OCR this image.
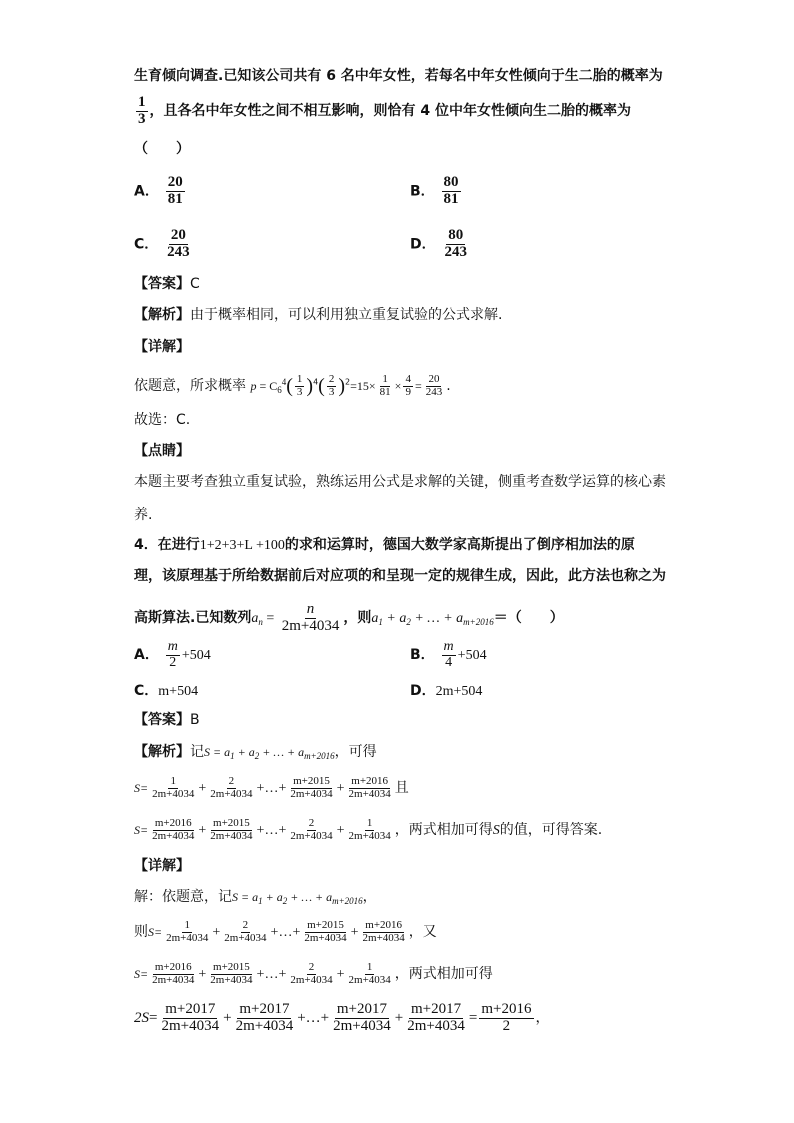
生育倾向调查.已知该公司共有 6 名中年女性，若每名中年女性倾向于生二胎的概率为
$\frac{1}{3}$ ，且各名中年女性之间不相互影响，则恰有 4 位中年女性倾向生二胎的概率为
（　　）
A． $\frac{20}{81}$	B． $\frac{80}{81}$
C． $\frac{20}{243}$	D． $\frac{80}{243}$
【答案】C
【解析】由于概率相同，可以利用独立重复试验的公式求解.
【详解】
依题意，所求概率 $p = C_6^4( \frac{1}{3} )^4( \frac{2}{3} )^2=15\times \frac{1}{81} \times \frac{4}{9} = \frac{20}{243}$ .
故选：C.
【点睛】
本题主要考查独立重复试验，熟练运用公式是求解的关键，侧重考查数学运算的核心素
养.
4．在进行1+2+3+L +100的求和运算时，德国大数学家高斯提出了倒序相加法的原
理，该原理基于所给数据前后对应项的和呈现一定的规律生成，因此，此方法也称之为
高斯算法.已知数列$a_n = \frac{n}{2m+4034}$ ，则$a_1 + a_2$ + … + $a_{m+2016}=$（　　）
A． $\frac{m}{2} +504$	B． $\frac{m}{4} +504$
C．m+504	D．2m+504
【答案】B
【解析】记$S = a_1 + a_2$ + … + $a_{m+2016}$，可得
$S= \frac{1}{2m+4034} + \frac{2}{2m+4034}$ +…+ $\frac{m+2015}{2m+4034} + \frac{m+2016}{2m+4034}$ 且
$S= \frac{m+2016}{2m+4034} + \frac{m+2015}{2m+4034}$ +…+ $\frac{2}{2m+4034} + \frac{1}{2m+4034}$ ，两式相加可得S的值，可得答案.
【详解】
解：依题意，记$S = a_1 + a_2$ + … + $a_{m+2016}$，
则$S= \frac{1}{2m+4034} + \frac{2}{2m+4034}$ +…+ $\frac{m+2015}{2m+4034} + \frac{m+2016}{2m+4034}$ ，又
$S= \frac{m+2016}{2m+4034} + \frac{m+2015}{2m+4034}$ +…+ $\frac{2}{2m+4034} + \frac{1}{2m+4034}$ ，两式相加可得
$2S= \frac{m+2017}{2m+4034} + \frac{m+2017}{2m+4034}$ +…+ $\frac{m+2017}{2m+4034} + \frac{m+2017}{2m+4034} = \frac{m+2016}{2}$ ，
